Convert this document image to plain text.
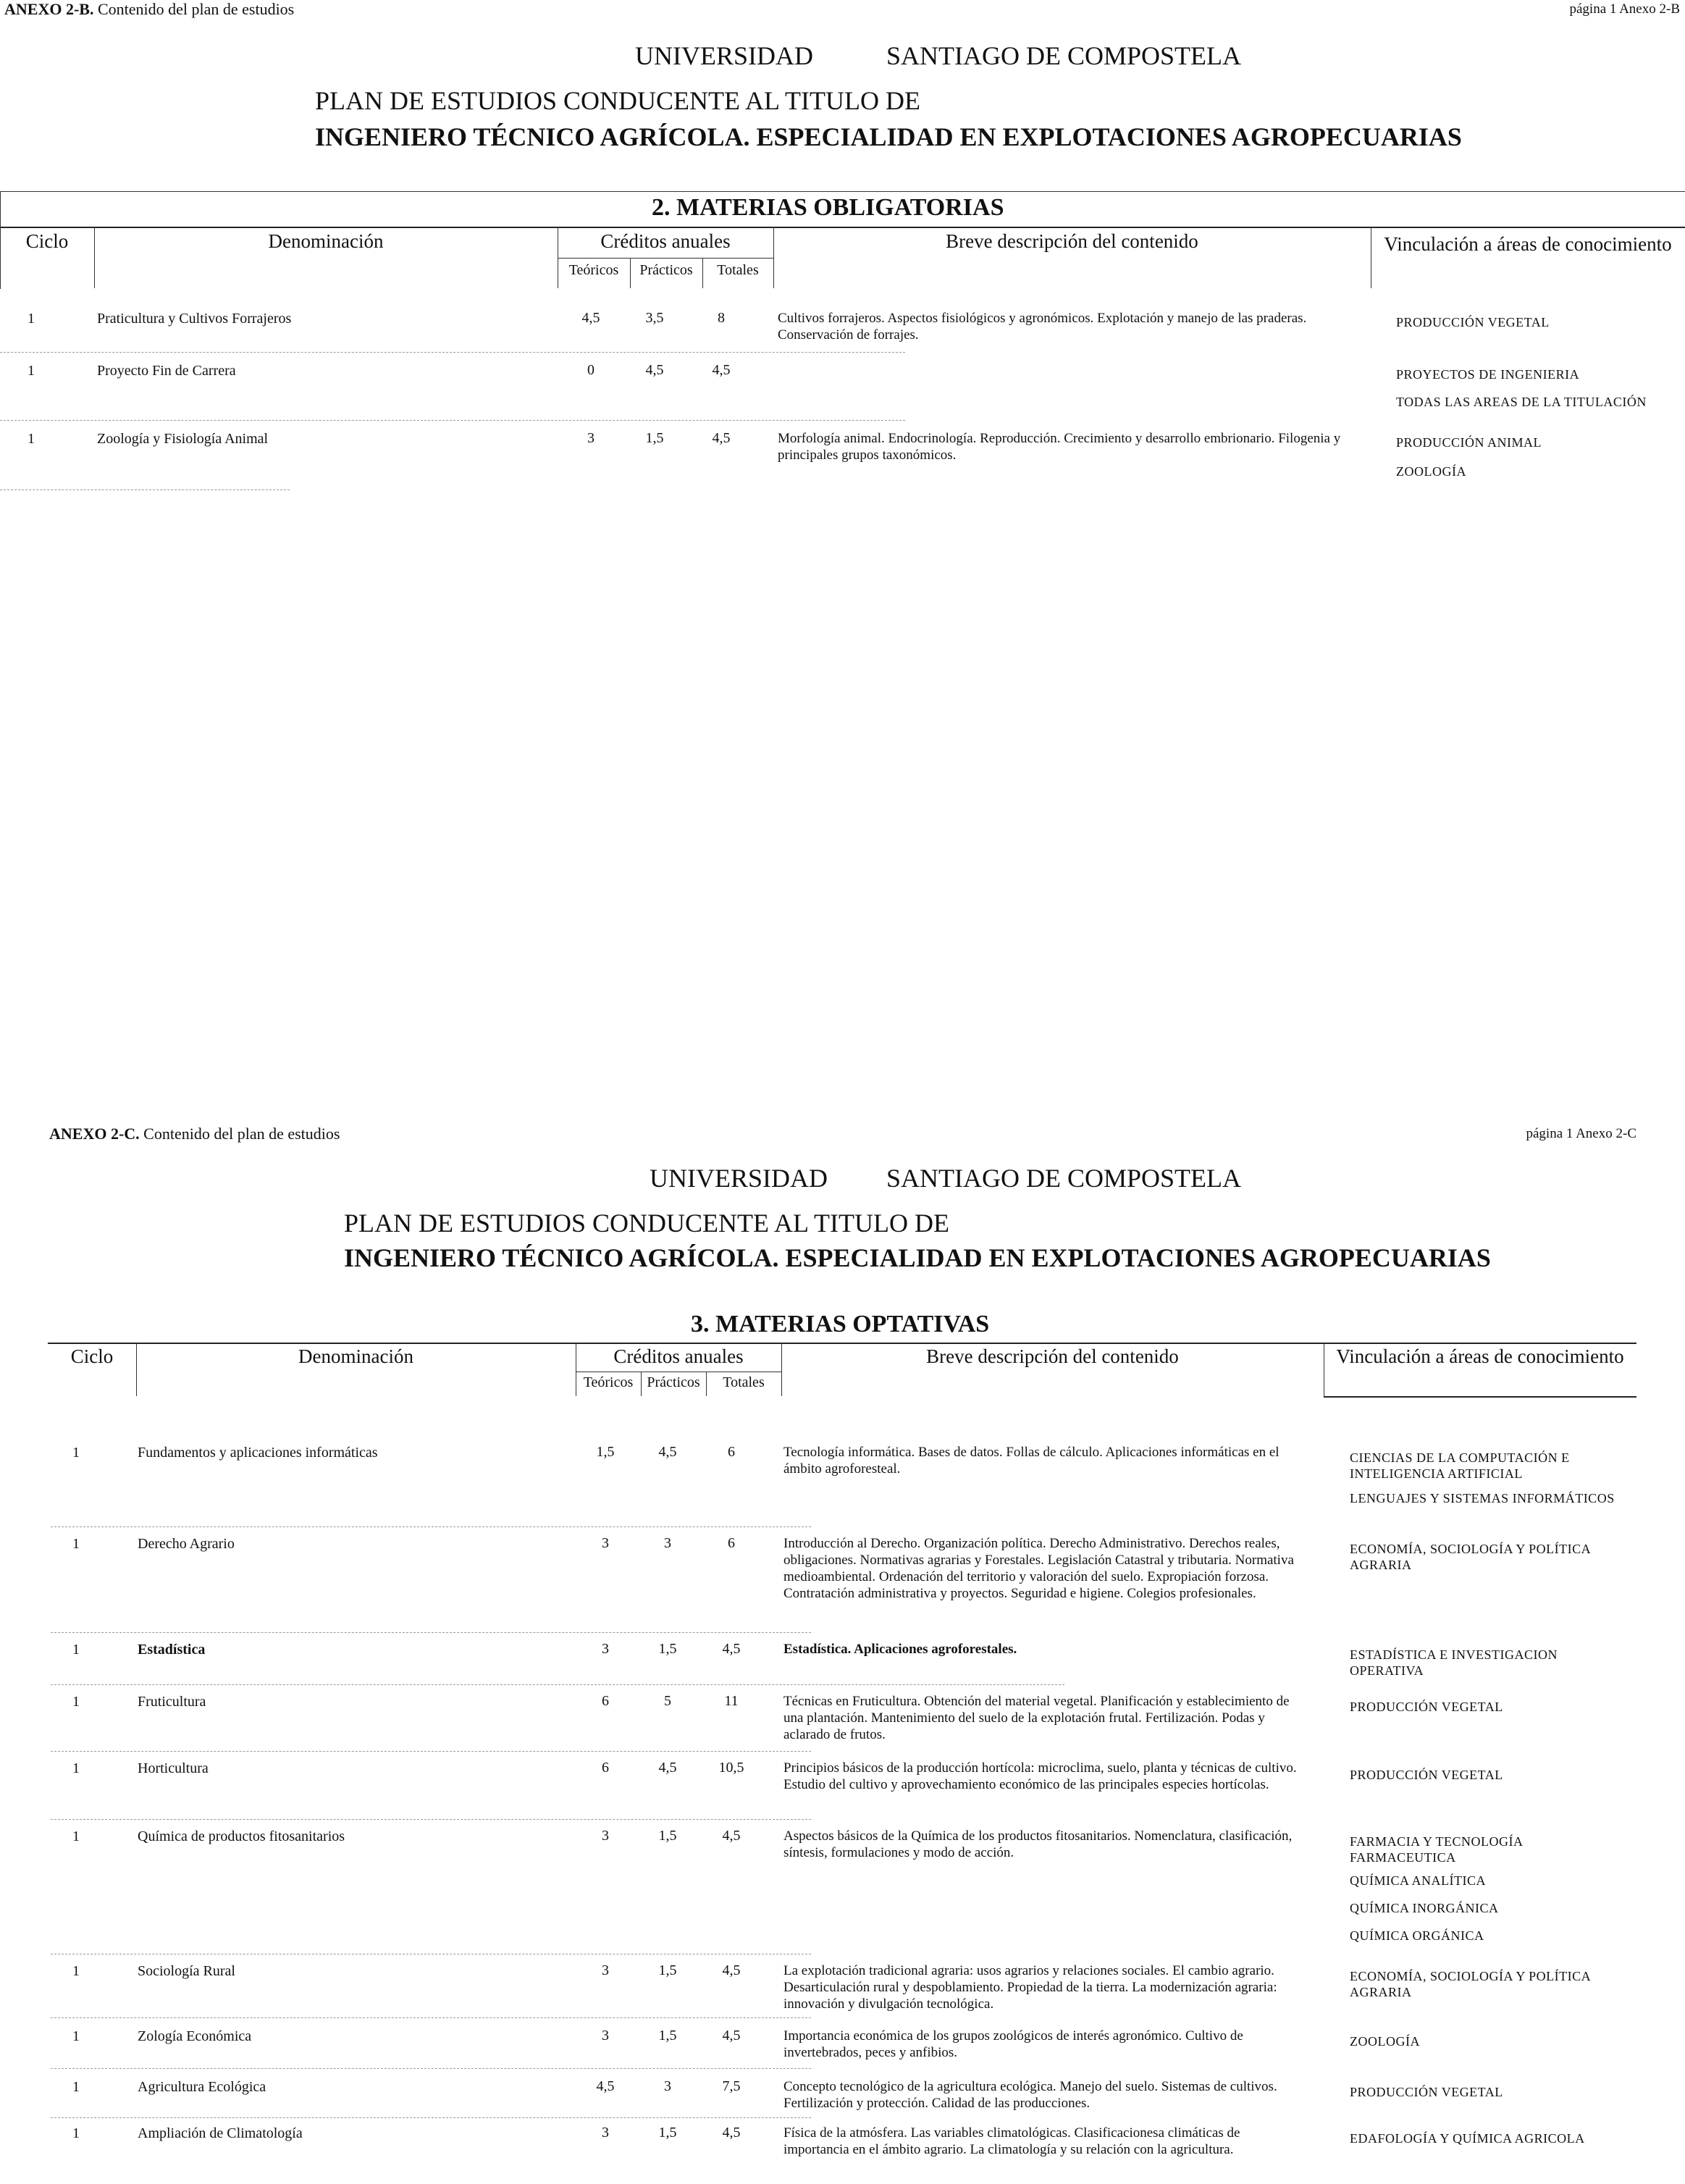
ANEXO 2-B. Contenido del plan de estudios	página 1 Anexo 2-B
UNIVERSIDAD	SANTIAGO DE COMPOSTELA
PLAN DE ESTUDIOS CONDUCENTE AL TITULO DE
INGENIERO TÉCNICO AGRÍCOLA. ESPECIALIDAD EN EXPLOTACIONES AGROPECUARIAS
2. MATERIAS OBLIGATORIAS
Ciclo	Denominación	Créditos anuales
Teóricos	Prácticos	Totales
Breve descripción del contenido	Vinculación a áreas de conocimiento
1	Praticultura y Cultivos Forrajeros	4,5	3,5	8	Cultivos forrajeros. Aspectos fisiológicos y agronómicos. Explotación y manejo de las praderas. Conservación de forrajes.
PRODUCCIÓN VEGETAL
1	Proyecto Fin de Carrera	0	4,5	4,5	PROYECTOS DE INGENIERIA
TODAS LAS AREAS DE LA TITULACIÓN
1	Zoología y Fisiología Animal	3	1,5	4,5	Morfología animal. Endocrinología. Reproducción. Crecimiento y desarrollo embrionario. Filogenia y principales grupos taxonómicos.
PRODUCCIÓN ANIMAL
ZOOLOGÍA
ANEXO 2-C. Contenido del plan de estudios	página 1 Anexo 2-C
UNIVERSIDAD SANTIAGO DE COMPOSTELA
PLAN DE ESTUDIOS CONDUCENTE AL TITULO DE
INGENIERO TÉCNICO AGRÍCOLA. ESPECIALIDAD EN EXPLOTACIONES AGROPECUARIAS
3. MATERIAS OPTATIVAS
Ciclo	Denominación	Créditos anuales
Teóricos Prácticos	Totales
Breve descripción del contenido	Vinculación a áreas de conocimiento
1	Fundamentos y aplicaciones informáticas	1,5	4,5	6	Tecnología informática. Bases de datos. Follas de cálculo. Aplicaciones informáticas en el ámbito agroforesteal.
CIENCIAS DE LA COMPUTACIÓN E INTELIGENCIA ARTIFICIAL
LENGUAJES Y SISTEMAS INFORMÁTICOS
1	Derecho Agrario	3	3	6	Introducción al Derecho. Organización política. Derecho Administrativo. Derechos reales, obligaciones. Normativas agrarias y Forestales. Legislación Catastral y tributaria. Normativa medioambiental. Ordenación del territorio y valoración del suelo. Expropiación forzosa. Contratación administrativa y proyectos. Seguridad e higiene. Colegios profesionales.
ECONOMÍA, SOCIOLOGÍA Y POLÍTICA AGRARIA
1	Estadística	3	1,5	4,5	Estadística. Aplicaciones agroforestales.	ESTADÍSTICA E INVESTIGACION OPERATIVA
1	Fruticultura	6	5	11	Técnicas en Fruticultura. Obtención del material vegetal. Planificación y establecimiento de una plantación. Mantenimiento del suelo de la explotación frutal. Fertilización. Podas y aclarado de frutos.
PRODUCCIÓN VEGETAL
1	Horticultura	6	4,5	10,5	Principios básicos de la producción hortícola: microclima, suelo, planta y técnicas de cultivo. Estudio del cultivo y aprovechamiento económico de las principales especies hortícolas.
PRODUCCIÓN VEGETAL
1	Química de productos fitosanitarios	3	1,5	4,5	Aspectos básicos de la Química de los productos fitosanitarios. Nomenclatura, clasificación, síntesis, formulaciones y modo de acción.
FARMACIA Y TECNOLOGÍA FARMACEUTICA
QUÍMICA ANALÍTICA
QUÍMICA INORGÁNICA
QUÍMICA ORGÁNICA
1	Sociología Rural	3	1,5	4,5	La explotación tradicional agraria: usos agrarios y relaciones sociales. El cambio agrario. Desarticulación rural y despoblamiento. Propiedad de la tierra. La modernización agraria: innovación y divulgación tecnológica.
ECONOMÍA, SOCIOLOGÍA Y POLÍTICA AGRARIA
1	Zología Económica	3	1,5	4,5	Importancia económica de los grupos zoológicos de interés agronómico. Cultivo de invertebrados, peces y anfibios.
ZOOLOGÍA
1	Agricultura Ecológica	4,5	3	7,5	Concepto tecnológico de la agricultura ecológica. Manejo del suelo. Sistemas de cultivos. Fertilización y protección. Calidad de las producciones.
PRODUCCIÓN VEGETAL
1	Ampliación de Climatología	3	1,5	4,5	Física de la atmósfera. Las variables climatológicas. Clasificacionesa climáticas de importancia en el ámbito agrario. La climatología y su relación con la agricultura.
EDAFOLOGÍA Y QUÍMICA AGRICOLA
